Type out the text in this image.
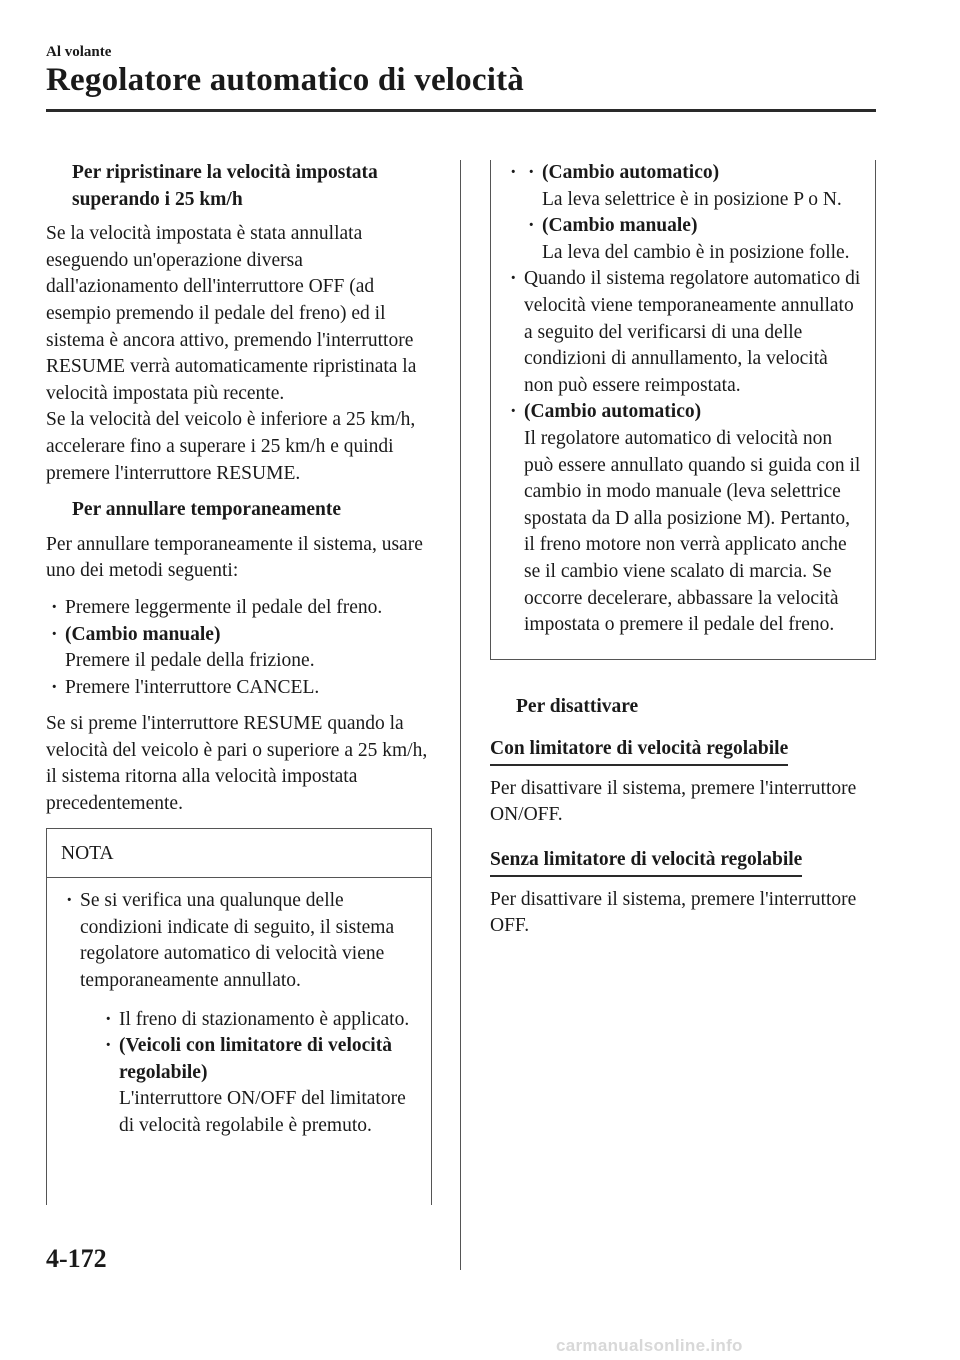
Al volante
Regolatore automatico di velocità

Per ripristinare la velocità impostata superando i 25 km/h

Se la velocità impostata è stata annullata eseguendo un'operazione diversa dall'azionamento dell'interruttore OFF (ad esempio premendo il pedale del freno) ed il sistema è ancora attivo, premendo l'interruttore RESUME verrà automaticamente ripristinata la velocità impostata più recente.

Se la velocità del veicolo è inferiore a 25 km/h, accelerare fino a superare i 25 km/h e quindi premere l'interruttore RESUME.

Per annullare temporaneamente

Per annullare temporaneamente il sistema, usare uno dei metodi seguenti:

· Premere leggermente il pedale del freno.
· (Cambio manuale)
Premere il pedale della frizione.
· Premere l'interruttore CANCEL.

Se si preme l'interruttore RESUME quando la velocità del veicolo è pari o superiore a 25 km/h, il sistema ritorna alla velocità impostata precedentemente.

NOTA
· Se si verifica una qualunque delle condizioni indicate di seguito, il sistema regolatore automatico di velocità viene temporaneamente annullato.
· Il freno di stazionamento è applicato.
· (Veicoli con limitatore di velocità regolabile)
L'interruttore ON/OFF del limitatore di velocità regolabile è premuto.
· · (Cambio automatico)
La leva selettrice è in posizione P o N.
· (Cambio manuale)
La leva del cambio è in posizione folle.
· Quando il sistema regolatore automatico di velocità viene temporaneamente annullato a seguito del verificarsi di una delle condizioni di annullamento, la velocità non può essere reimpostata.
· (Cambio automatico)
Il regolatore automatico di velocità non può essere annullato quando si guida con il cambio in modo manuale (leva selettrice spostata da D alla posizione M). Pertanto, il freno motore non verrà applicato anche se il cambio viene scalato di marcia. Se occorre decelerare, abbassare la velocità impostata o premere il pedale del freno.

Per disattivare

Con limitatore di velocità regolabile

Per disattivare il sistema, premere l'interruttore ON/OFF.

Senza limitatore di velocità regolabile

Per disattivare il sistema, premere l'interruttore OFF.

4-172
carmanualsonline.info
